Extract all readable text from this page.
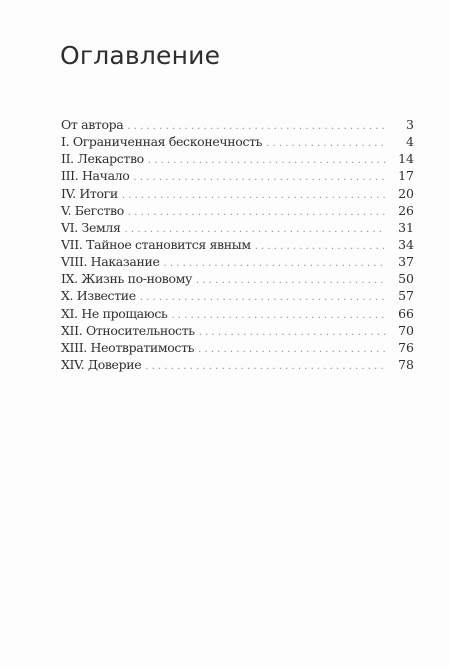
Оглавление
От автора . . .	3
I. Ограниченная бесконечность . . .	4
II. Лекарство . . .	14
III. Начало . . .	17
IV. Итоги . . .	20
V. Бегство . . .	26
VI. Земля . . .	31
VII. Тайное становится явным . . .	34
VIII. Наказание . . .	37
IX. Жизнь по-новому . . .	50
X. Известие . . .	57
XI. Не прощаюсь . . .	66
XII. Относительность . . .	70
XIII. Неотвратимость . . .	76
XIV. Доверие . . .	78
